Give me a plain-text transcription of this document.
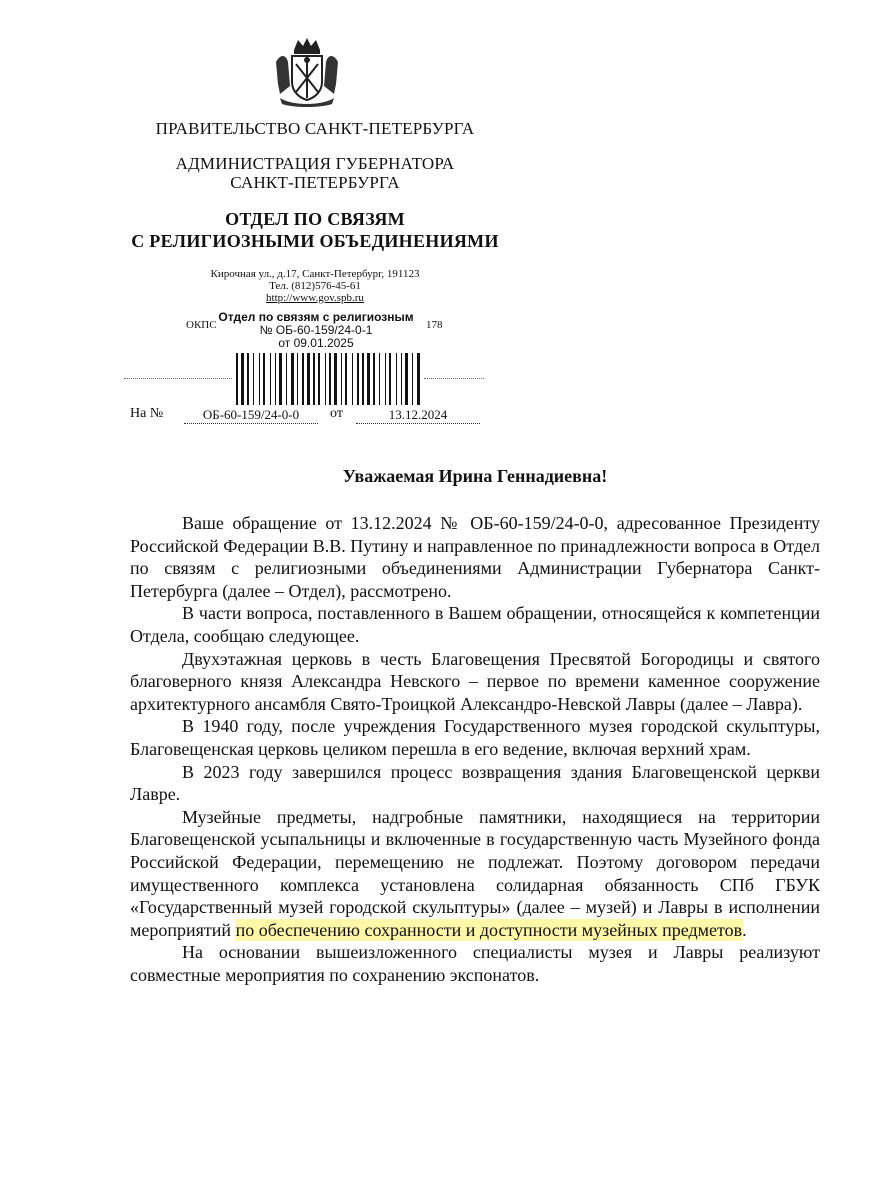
ПРАВИТЕЛЬСТВО САНКТ-ПЕТЕРБУРГА
АДМИНИСТРАЦИЯ ГУБЕРНАТОРА
САНКТ-ПЕТЕРБУРГА
ОТДЕЛ ПО СВЯЗЯМ
С РЕЛИГИОЗНЫМИ ОБЪЕДИНЕНИЯМИ
Кирочная ул., д.17, Санкт-Петербург, 191123
Тел. (812)576-45-61
http://www.gov.spb.ru
ОКПС	178
Отдел по связям с религиозным
№ ОБ-60-159/24-0-1
от 09.01.2025
На №	ОБ-60-159/24-0-0	от	13.12.2024
Уважаемая Ирина Геннадиевна!

Ваше обращение от 13.12.2024 № ОБ-60-159/24-0-0, адресованное Президенту Российской Федерации В.В. Путину и направленное по принадлежности вопроса в Отдел по связям с религиозными объединениями Администрации Губернатора Санкт-Петербурга (далее – Отдел), рассмотрено.

В части вопроса, поставленного в Вашем обращении, относящейся к компетенции Отдела, сообщаю следующее.

Двухэтажная церковь в честь Благовещения Пресвятой Богородицы и святого благоверного князя Александра Невского – первое по времени каменное сооружение архитектурного ансамбля Свято-Троицкой Александро-Невской Лавры (далее – Лавра).

В 1940 году, после учреждения Государственного музея городской скульптуры, Благовещенская церковь целиком перешла в его ведение, включая верхний храм.

В 2023 году завершился процесс возвращения здания Благовещенской церкви Лавре.

Музейные предметы, надгробные памятники, находящиеся на территории Благовещенской усыпальницы и включенные в государственную часть Музейного фонда Российской Федерации, перемещению не подлежат. Поэтому договором передачи имущественного комплекса установлена солидарная обязанность СПб ГБУК «Государственный музей городской скульптуры» (далее – музей) и Лавры в исполнении мероприятий по обеспечению сохранности и доступности музейных предметов.

На основании вышеизложенного специалисты музея и Лавры реализуют совместные мероприятия по сохранению экспонатов.
